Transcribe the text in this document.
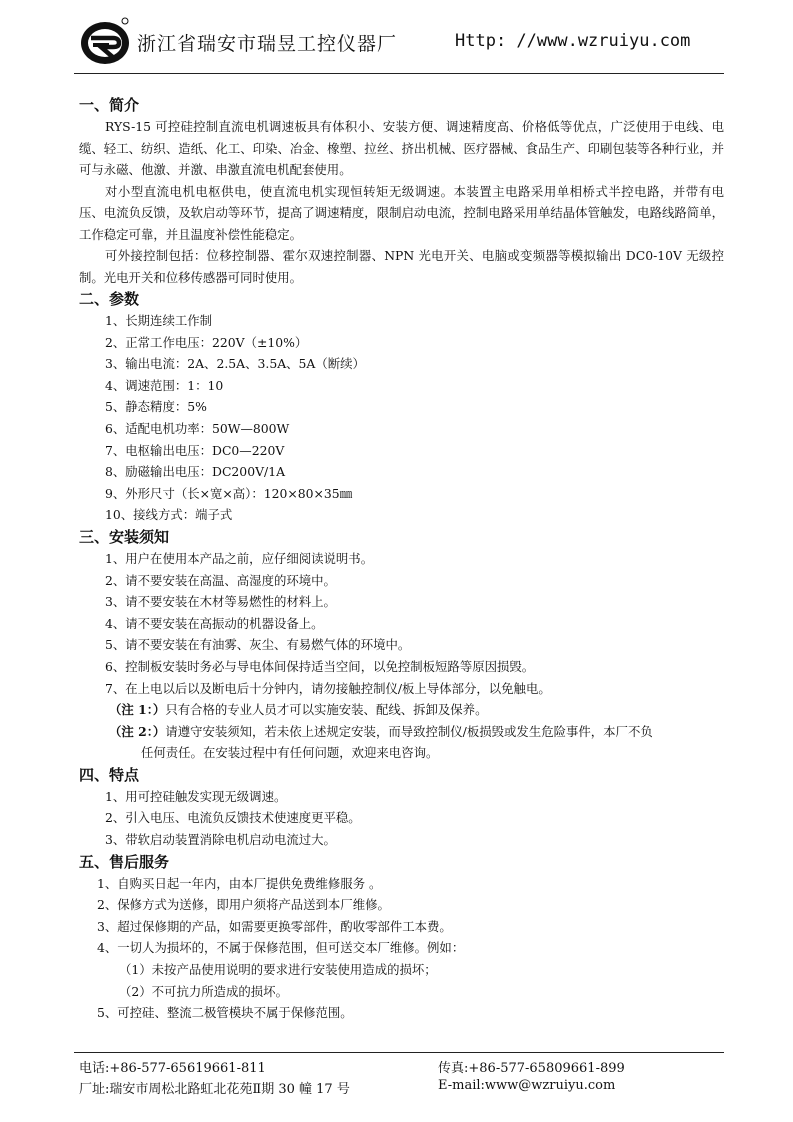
浙江省瑞安市瑞昱工控仪器厂	Http: //www.wzruiyu.com
一、简介
RYS-15 可控硅控制直流电机调速板具有体积小、安装方便、调速精度高、价格低等优点，广泛使用于电线、电缆、轻工、纺织、造纸、化工、印染、冶金、橡塑、拉丝、挤出机械、医疗器械、食品生产、印刷包装等各种行业，并可与永磁、他激、并激、串激直流电机配套使用。
对小型直流电机电枢供电，使直流电机实现恒转矩无级调速。本装置主电路采用单相桥式半控电路，并带有电压、电流负反馈，及软启动等环节，提高了调速精度，限制启动电流，控制电路采用单结晶体管触发，电路线路简单，工作稳定可靠，并且温度补偿性能稳定。
可外接控制包括：位移控制器、霍尔双速控制器、NPN 光电开关、电脑或变频器等模拟输出 DC0-10V 无级控制。光电开关和位移传感器可同时使用。
二、参数
1、长期连续工作制
2、正常工作电压：220V（±10%）
3、输出电流：2A、2.5A、3.5A、5A（断续）
4、调速范围：1：10
5、静态精度：5%
6、适配电机功率：50W—800W
7、电枢输出电压：DC0—220V
8、励磁输出电压：DC200V/1A
9、外形尺寸（长×宽×高）：120×80×35㎜
10、接线方式：端子式
三、安装须知
1、用户在使用本产品之前，应仔细阅读说明书。
2、请不要安装在高温、高湿度的环境中。
3、请不要安装在木材等易燃性的材料上。
4、请不要安装在高振动的机器设备上。
5、请不要安装在有油雾、灰尘、有易燃气体的环境中。
6、控制板安装时务必与导电体间保持适当空间，以免控制板短路等原因损毁。
7、在上电以后以及断电后十分钟内，请勿接触控制仪/板上导体部分，以免触电。
（注 1：）只有合格的专业人员才可以实施安装、配线、拆卸及保养。
（注 2：）请遵守安装须知，若未依上述规定安装，而导致控制仪/板损毁或发生危险事件，本厂不负
任何责任。在安装过程中有任何问题，欢迎来电咨询。
四、特点
1、用可控硅触发实现无级调速。
2、引入电压、电流负反馈技术使速度更平稳。
3、带软启动装置消除电机启动电流过大。
五、售后服务
1、自购买日起一年内，由本厂提供免费维修服务 。
2、保修方式为送修，即用户须将产品送到本厂维修。
3、超过保修期的产品，如需要更换零部件，酌收零部件工本费。
4、一切人为损坏的，不属于保修范围，但可送交本厂维修。例如：
（1）未按产品使用说明的要求进行安装使用造成的损坏；
（2）不可抗力所造成的损坏。
5、可控硅、整流二极管模块不属于保修范围。
电话:+86-577-65619661-811	传真:+86-577-65809661-899
厂址:瑞安市周松北路虹北花苑Ⅱ期 30 幢 17 号	E-mail:www@wzruiyu.com
